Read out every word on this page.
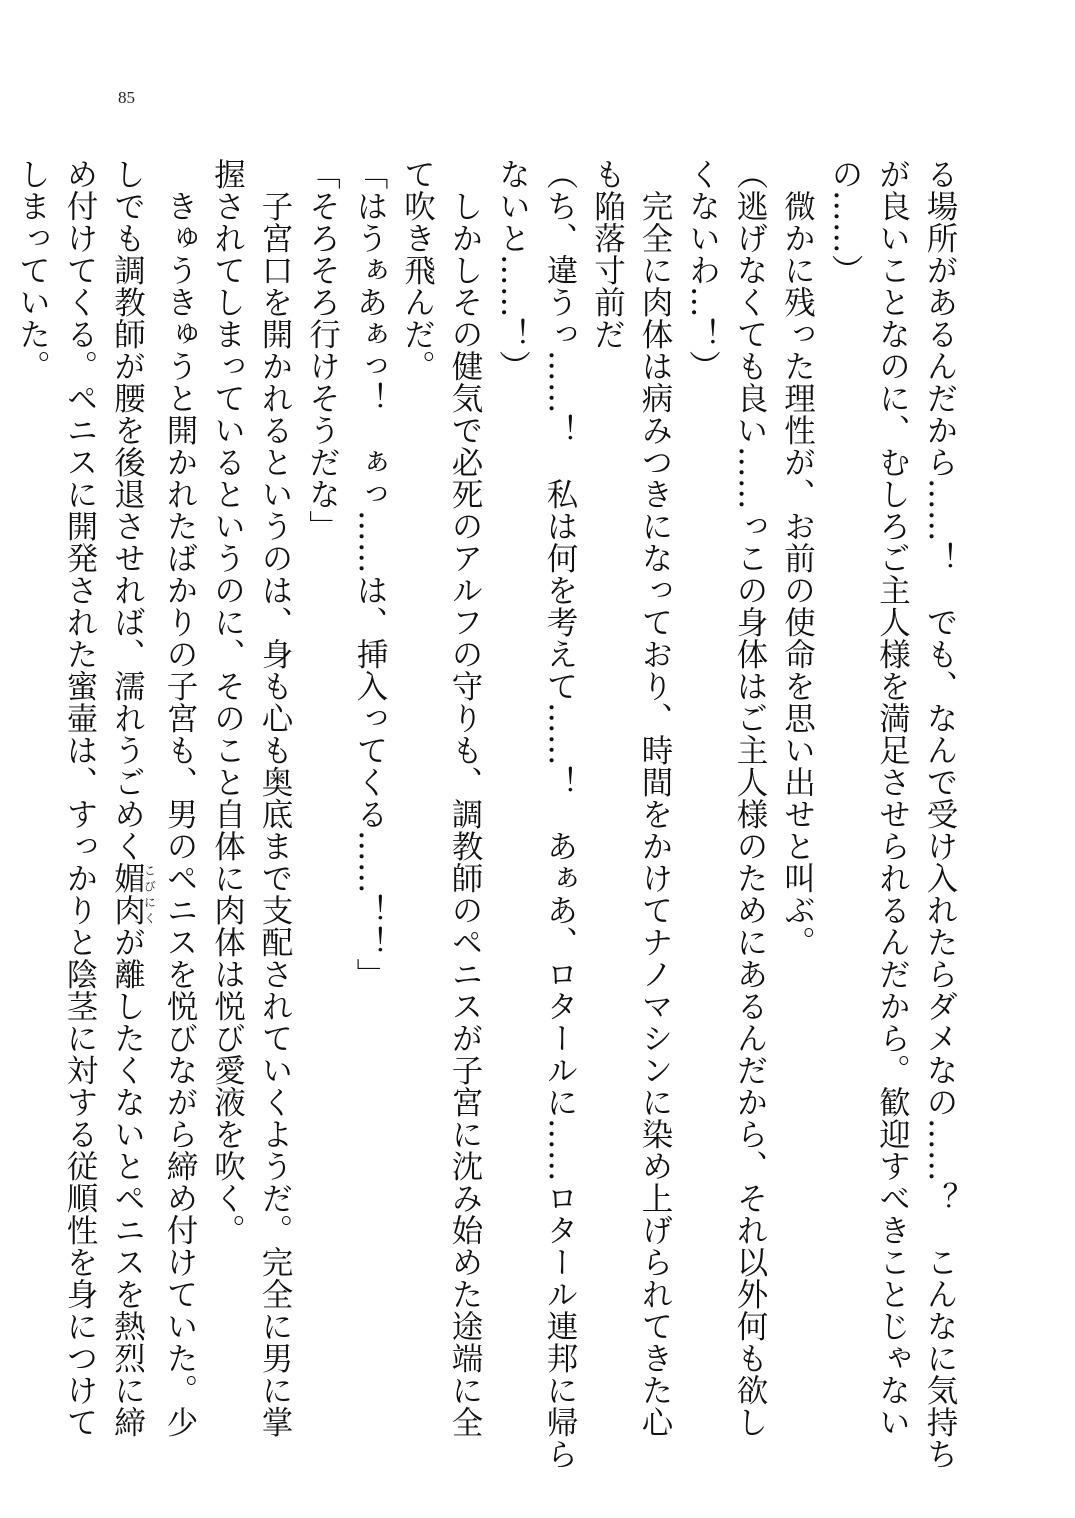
85

る場所があるんだから……！　でも、なんで受け入れたらダメなの……？　こんなに気持ち

が良いことなのに、むしろご主人様を満足させられるんだから。歓迎すべきことじゃない

の……）

　微かに残った理性が、お前の使命を思い出せと叫ぶ。

（逃げなくても良い……っこの身体はご主人様のためにあるんだから、それ以外何も欲し

くないわ…！）

　完全に肉体は病みつきになっており、時間をかけてナノマシンに染め上げられてきた心

も陥落寸前だ

（ち、違うっ……！　私は何を考えて……！　あぁあ、ロタールに……ロタール連邦に帰ら

ないと……！）

　しかしその健気で必死のアルフの守りも、調教師のペニスが子宮に沈み始めた途端に全

て吹き飛んだ。

「はうぁあぁっ！　ぁっ……は、挿入ってくる……！！」

「そろそろ行けそうだな」

　子宮口を開かれるというのは、身も心も奥底まで支配されていくようだ。完全に男に掌

握されてしまっているというのに、そのこと自体に肉体は悦び愛液を吹く。

　きゅうきゅうと開かれたばかりの子宮も、男のペニスを悦びながら締め付けていた。少

しでも調教師が腰を後退させれば、濡れうごめく媚肉こびにくが離したくないとペニスを熱烈に締

め付けてくる。ペニスに開発された蜜壷は、すっかりと陰茎に対する従順性を身につけて

しまっていた。
